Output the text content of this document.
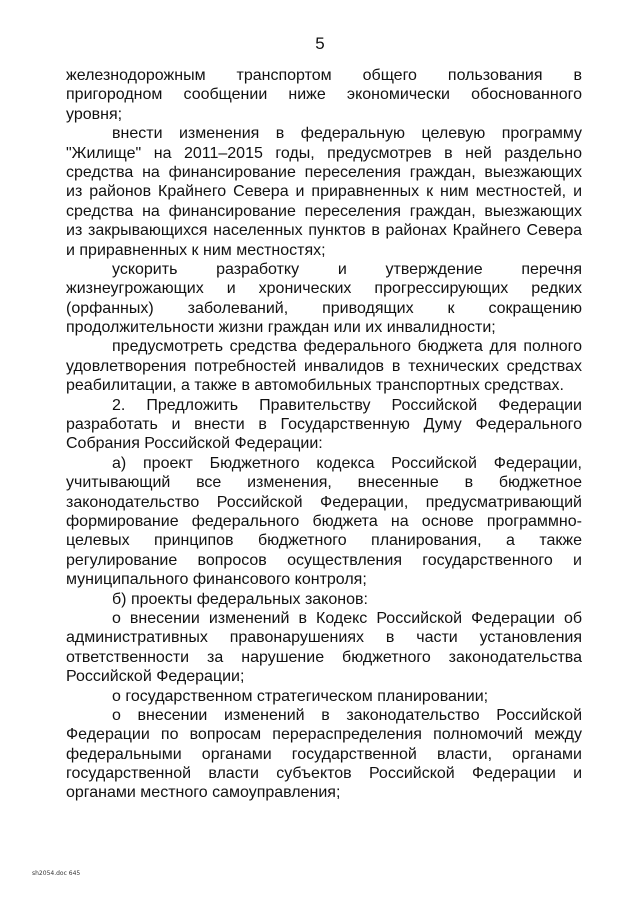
5
железнодорожным транспортом общего пользования в
пригородном сообщении ниже экономически обоснованного
уровня;
внести изменения в федеральную целевую программу
"Жилище" на 2011–2015 годы, предусмотрев в ней раздельно
средства на финансирование переселения граждан, выезжающих
из районов Крайнего Севера и приравненных к ним местностей, и
средства на финансирование переселения граждан, выезжающих
из закрывающихся населенных пунктов в районах Крайнего Севера
и приравненных к ним местностях;
ускорить разработку и утверждение перечня
жизнеугрожающих и хронических прогрессирующих редких
(орфанных) заболеваний, приводящих к сокращению
продолжительности жизни граждан или их инвалидности;
предусмотреть средства федерального бюджета для полного
удовлетворения потребностей инвалидов в технических средствах
реабилитации, а также в автомобильных транспортных средствах.
2. Предложить Правительству Российской Федерации
разработать и внести в Государственную Думу Федерального
Собрания Российской Федерации:
а) проект Бюджетного кодекса Российской Федерации,
учитывающий все изменения, внесенные в бюджетное
законодательство Российской Федерации, предусматривающий
формирование федерального бюджета на основе программно-
целевых принципов бюджетного планирования, а также
регулирование вопросов осуществления государственного и
муниципального финансового контроля;
б) проекты федеральных законов:
о внесении изменений в Кодекс Российской Федерации об
административных правонарушениях в части установления
ответственности за нарушение бюджетного законодательства
Российской Федерации;
о государственном стратегическом планировании;
о внесении изменений в законодательство Российской
Федерации по вопросам перераспределения полномочий между
федеральными органами государственной власти, органами
государственной власти субъектов Российской Федерации и
органами местного самоуправления;
sh2054.doc 645
